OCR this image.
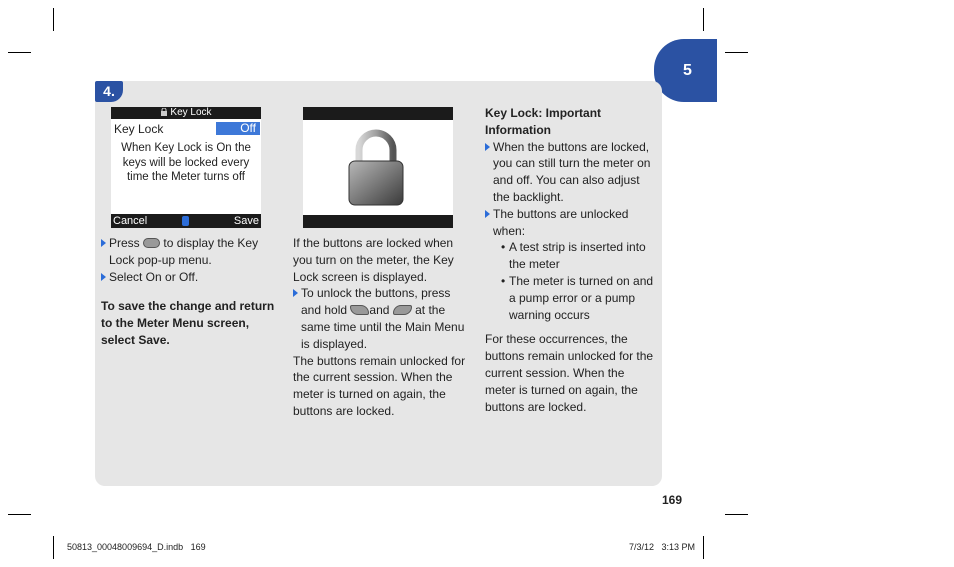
5
4.
Key Lock
Key Lock	Off
When Key Lock is On the keys will be locked every time the Meter turns off
Cancel	Save

Press to display the Key Lock pop-up menu.

Select On or Off.

To save the change and return to the Meter Menu screen, select Save.

If the buttons are locked when you turn on the meter, the Key Lock screen is displayed.

To unlock the buttons, press and hold and at the same time until the Main Menu is displayed.

The buttons remain unlocked for the current session. When the meter is turned on again, the buttons are locked.

Key Lock: Important Information

When the buttons are locked, you can still turn the meter on and off. You can also adjust the backlight.

The buttons are unlocked when:

• A test strip is inserted into the meter

• The meter is turned on and a pump error or a pump warning occurs

For these occurrences, the buttons remain unlocked for the current session. When the meter is turned on again, the buttons are locked.

169
50813_00048009694_D.indb   169	7/3/12   3:13 PM
